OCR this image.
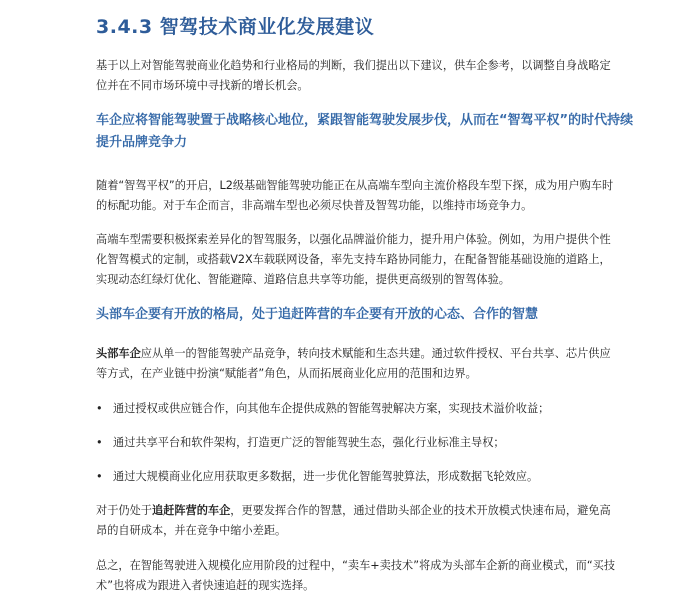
3.4.3 智驾技术商业化发展建议

基于以上对智能驾驶商业化趋势和行业格局的判断，我们提出以下建议，供车企参考，以调整自身战略定位并在不同市场环境中寻找新的增长机会。

车企应将智能驾驶置于战略核心地位，紧跟智能驾驶发展步伐，从而在“智驾平权”的时代持续提升品牌竞争力

随着“智驾平权”的开启，L2级基础智能驾驶功能正在从高端车型向主流价格段车型下探，成为用户购车时的标配功能。对于车企而言，非高端车型也必须尽快普及智驾功能，以维持市场竞争力。

高端车型需要积极探索差异化的智驾服务，以强化品牌溢价能力，提升用户体验。例如，为用户提供个性化智驾模式的定制，或搭载V2X车载联网设备，率先支持车路协同能力，在配备智能基础设施的道路上，实现动态红绿灯优化、智能避障、道路信息共享等功能，提供更高级别的智驾体验。

头部车企要有开放的格局，处于追赶阵营的车企要有开放的心态、合作的智慧

头部车企应从单一的智能驾驶产品竞争，转向技术赋能和生态共建。通过软件授权、平台共享、芯片供应等方式，在产业链中扮演“赋能者”角色，从而拓展商业化应用的范围和边界。

• 通过授权或供应链合作，向其他车企提供成熟的智能驾驶解决方案，实现技术溢价收益；
• 通过共享平台和软件架构，打造更广泛的智能驾驶生态，强化行业标准主导权；
• 通过大规模商业化应用获取更多数据，进一步优化智能驾驶算法，形成数据飞轮效应。

对于仍处于追赶阵营的车企，更要发挥合作的智慧，通过借助头部企业的技术开放模式快速布局，避免高昂的自研成本，并在竞争中缩小差距。

总之，在智能驾驶进入规模化应用阶段的过程中，“卖车+卖技术”将成为头部车企新的商业模式，而“买技术”也将成为跟进入者快速追赶的现实选择。
